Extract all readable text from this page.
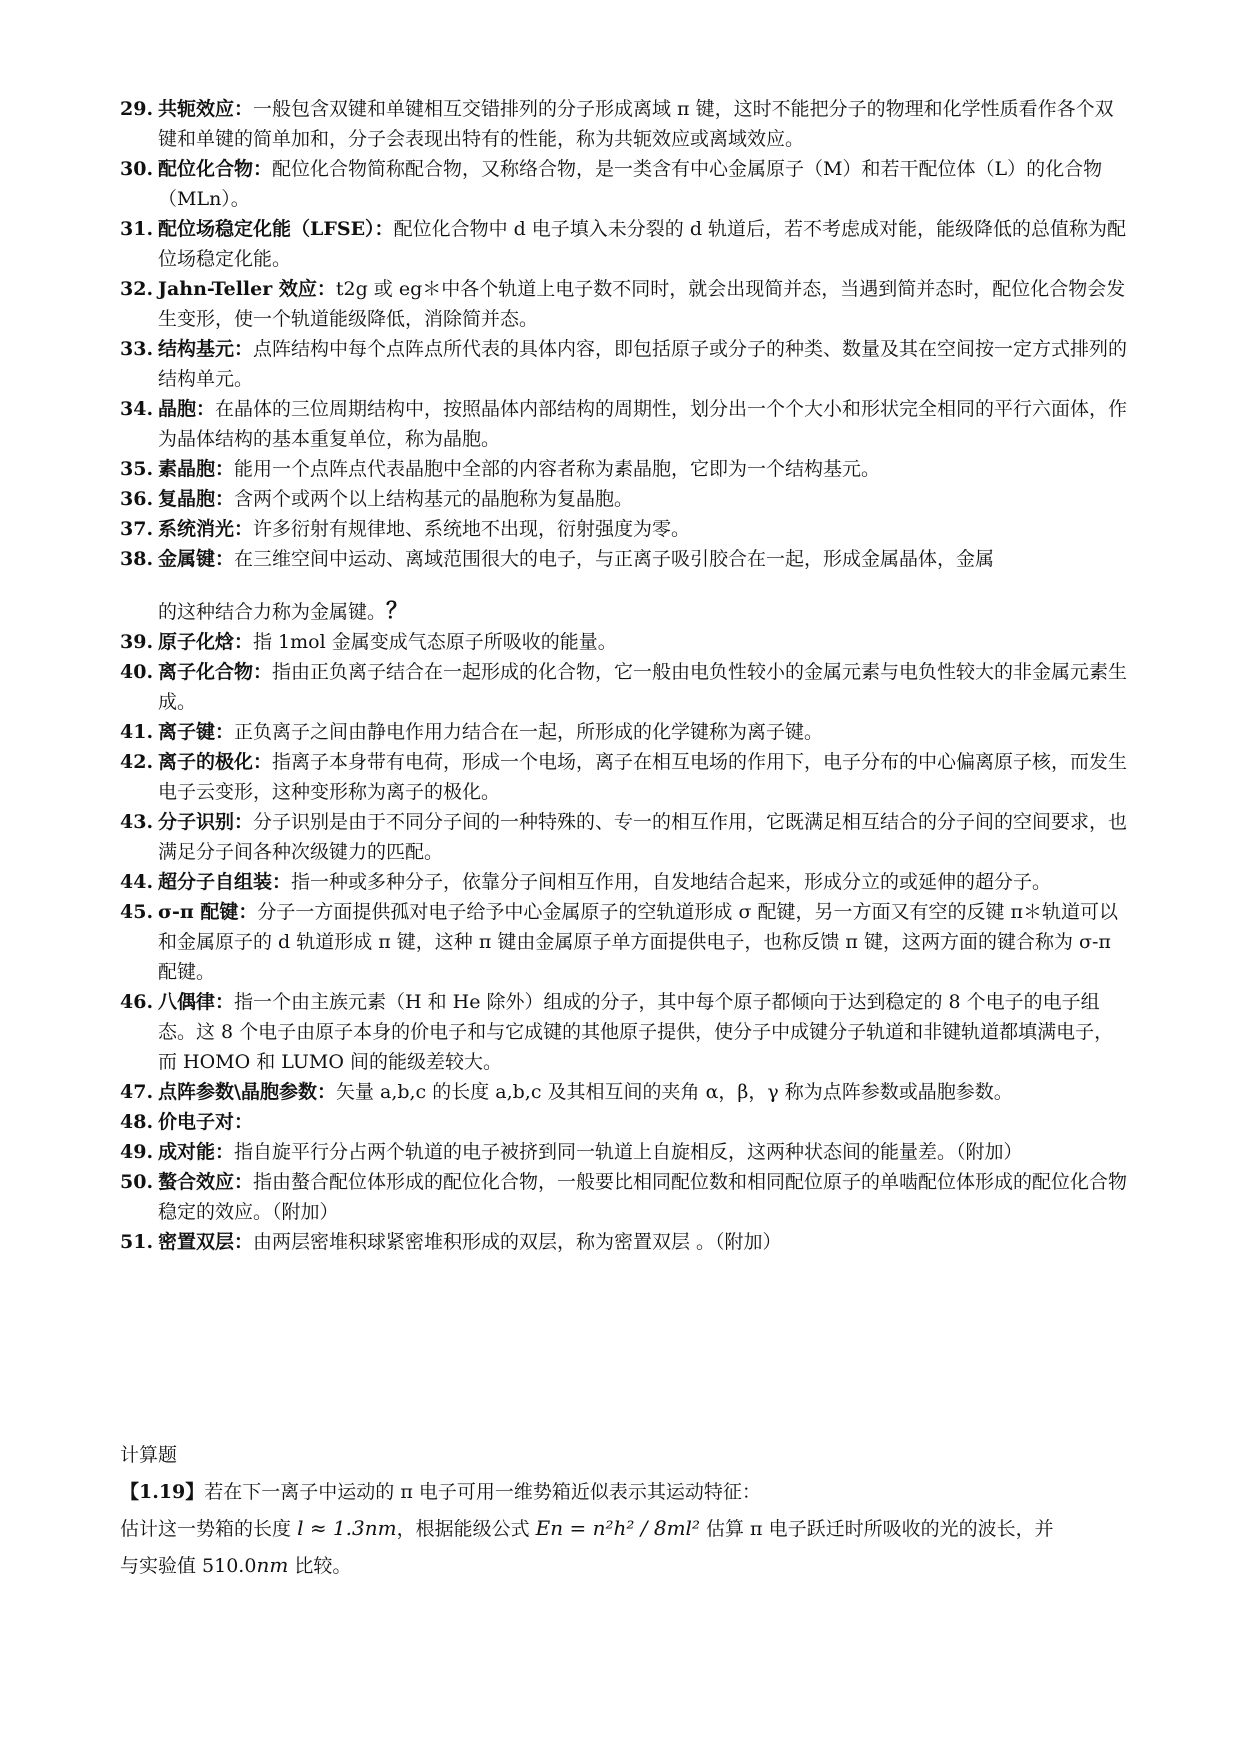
29. 共轭效应：一般包含双键和单键相互交错排列的分子形成离域 π 键，这时不能把分子的物理和化学性质看作各个双键和单键的简单加和，分子会表现出特有的性能，称为共轭效应或离域效应。

30. 配位化合物：配位化合物简称配合物，又称络合物，是一类含有中心金属原子（M）和若干配位体（L）的化合物（MLn）。

31. 配位场稳定化能（LFSE）：配位化合物中 d 电子填入未分裂的 d 轨道后，若不考虑成对能，能级降低的总值称为配位场稳定化能。

32. Jahn-Teller 效应：t2g 或 eg＊中各个轨道上电子数不同时，就会出现简并态，当遇到简并态时，配位化合物会发生变形，使一个轨道能级降低，消除简并态。

33. 结构基元：点阵结构中每个点阵点所代表的具体内容，即包括原子或分子的种类、数量及其在空间按一定方式排列的结构单元。

34. 晶胞：在晶体的三位周期结构中，按照晶体内部结构的周期性，划分出一个个大小和形状完全相同的平行六面体，作为晶体结构的基本重复单位，称为晶胞。

35. 素晶胞：能用一个点阵点代表晶胞中全部的内容者称为素晶胞，它即为一个结构基元。

36. 复晶胞：含两个或两个以上结构基元的晶胞称为复晶胞。

37. 系统消光：许多衍射有规律地、系统地不出现，衍射强度为零。

38. 金属键：在三维空间中运动、离域范围很大的电子，与正离子吸引胶合在一起，形成金属晶体，金属
的这种结合力称为金属键。？

39. 原子化焓：指 1mol 金属变成气态原子所吸收的能量。

40. 离子化合物：指由正负离子结合在一起形成的化合物，它一般由电负性较小的金属元素与电负性较大的非金属元素生成。

41. 离子键：正负离子之间由静电作用力结合在一起，所形成的化学键称为离子键。

42. 离子的极化：指离子本身带有电荷，形成一个电场，离子在相互电场的作用下，电子分布的中心偏离原子核，而发生电子云变形，这种变形称为离子的极化。

43. 分子识别：分子识别是由于不同分子间的一种特殊的、专一的相互作用，它既满足相互结合的分子间的空间要求，也满足分子间各种次级键力的匹配。

44. 超分子自组装：指一种或多种分子，依靠分子间相互作用，自发地结合起来，形成分立的或延伸的超分子。

45. σ-π 配键：分子一方面提供孤对电子给予中心金属原子的空轨道形成 σ 配键，另一方面又有空的反键 π＊轨道可以和金属原子的 d 轨道形成 π 键，这种 π 键由金属原子单方面提供电子，也称反馈 π 键，这两方面的键合称为 σ-π 配键。

46. 八偶律：指一个由主族元素（H 和 He 除外）组成的分子，其中每个原子都倾向于达到稳定的 8 个电子的电子组态。这 8 个电子由原子本身的价电子和与它成键的其他原子提供，使分子中成键分子轨道和非键轨道都填满电子，而 HOMO 和 LUMO 间的能级差较大。

47. 点阵参数\晶胞参数：矢量 a,b,c 的长度 a,b,c 及其相互间的夹角 α，β，γ 称为点阵参数或晶胞参数。

48. 价电子对：

49. 成对能：指自旋平行分占两个轨道的电子被挤到同一轨道上自旋相反，这两种状态间的能量差。（附加）

50. 螯合效应：指由螯合配位体形成的配位化合物，一般要比相同配位数和相同配位原子的单啮配位体形成的配位化合物稳定的效应。（附加）

51. 密置双层：由两层密堆积球紧密堆积形成的双层，称为密置双层 。（附加）

计算题

【1.19】若在下一离子中运动的 π 电子可用一维势箱近似表示其运动特征：

估计这一势箱的长度 l ≈ 1.3nm，根据能级公式 En = n²h² / 8ml² 估算 π 电子跃迁时所吸收的光的波长，并

与实验值 510.0nm 比较。
